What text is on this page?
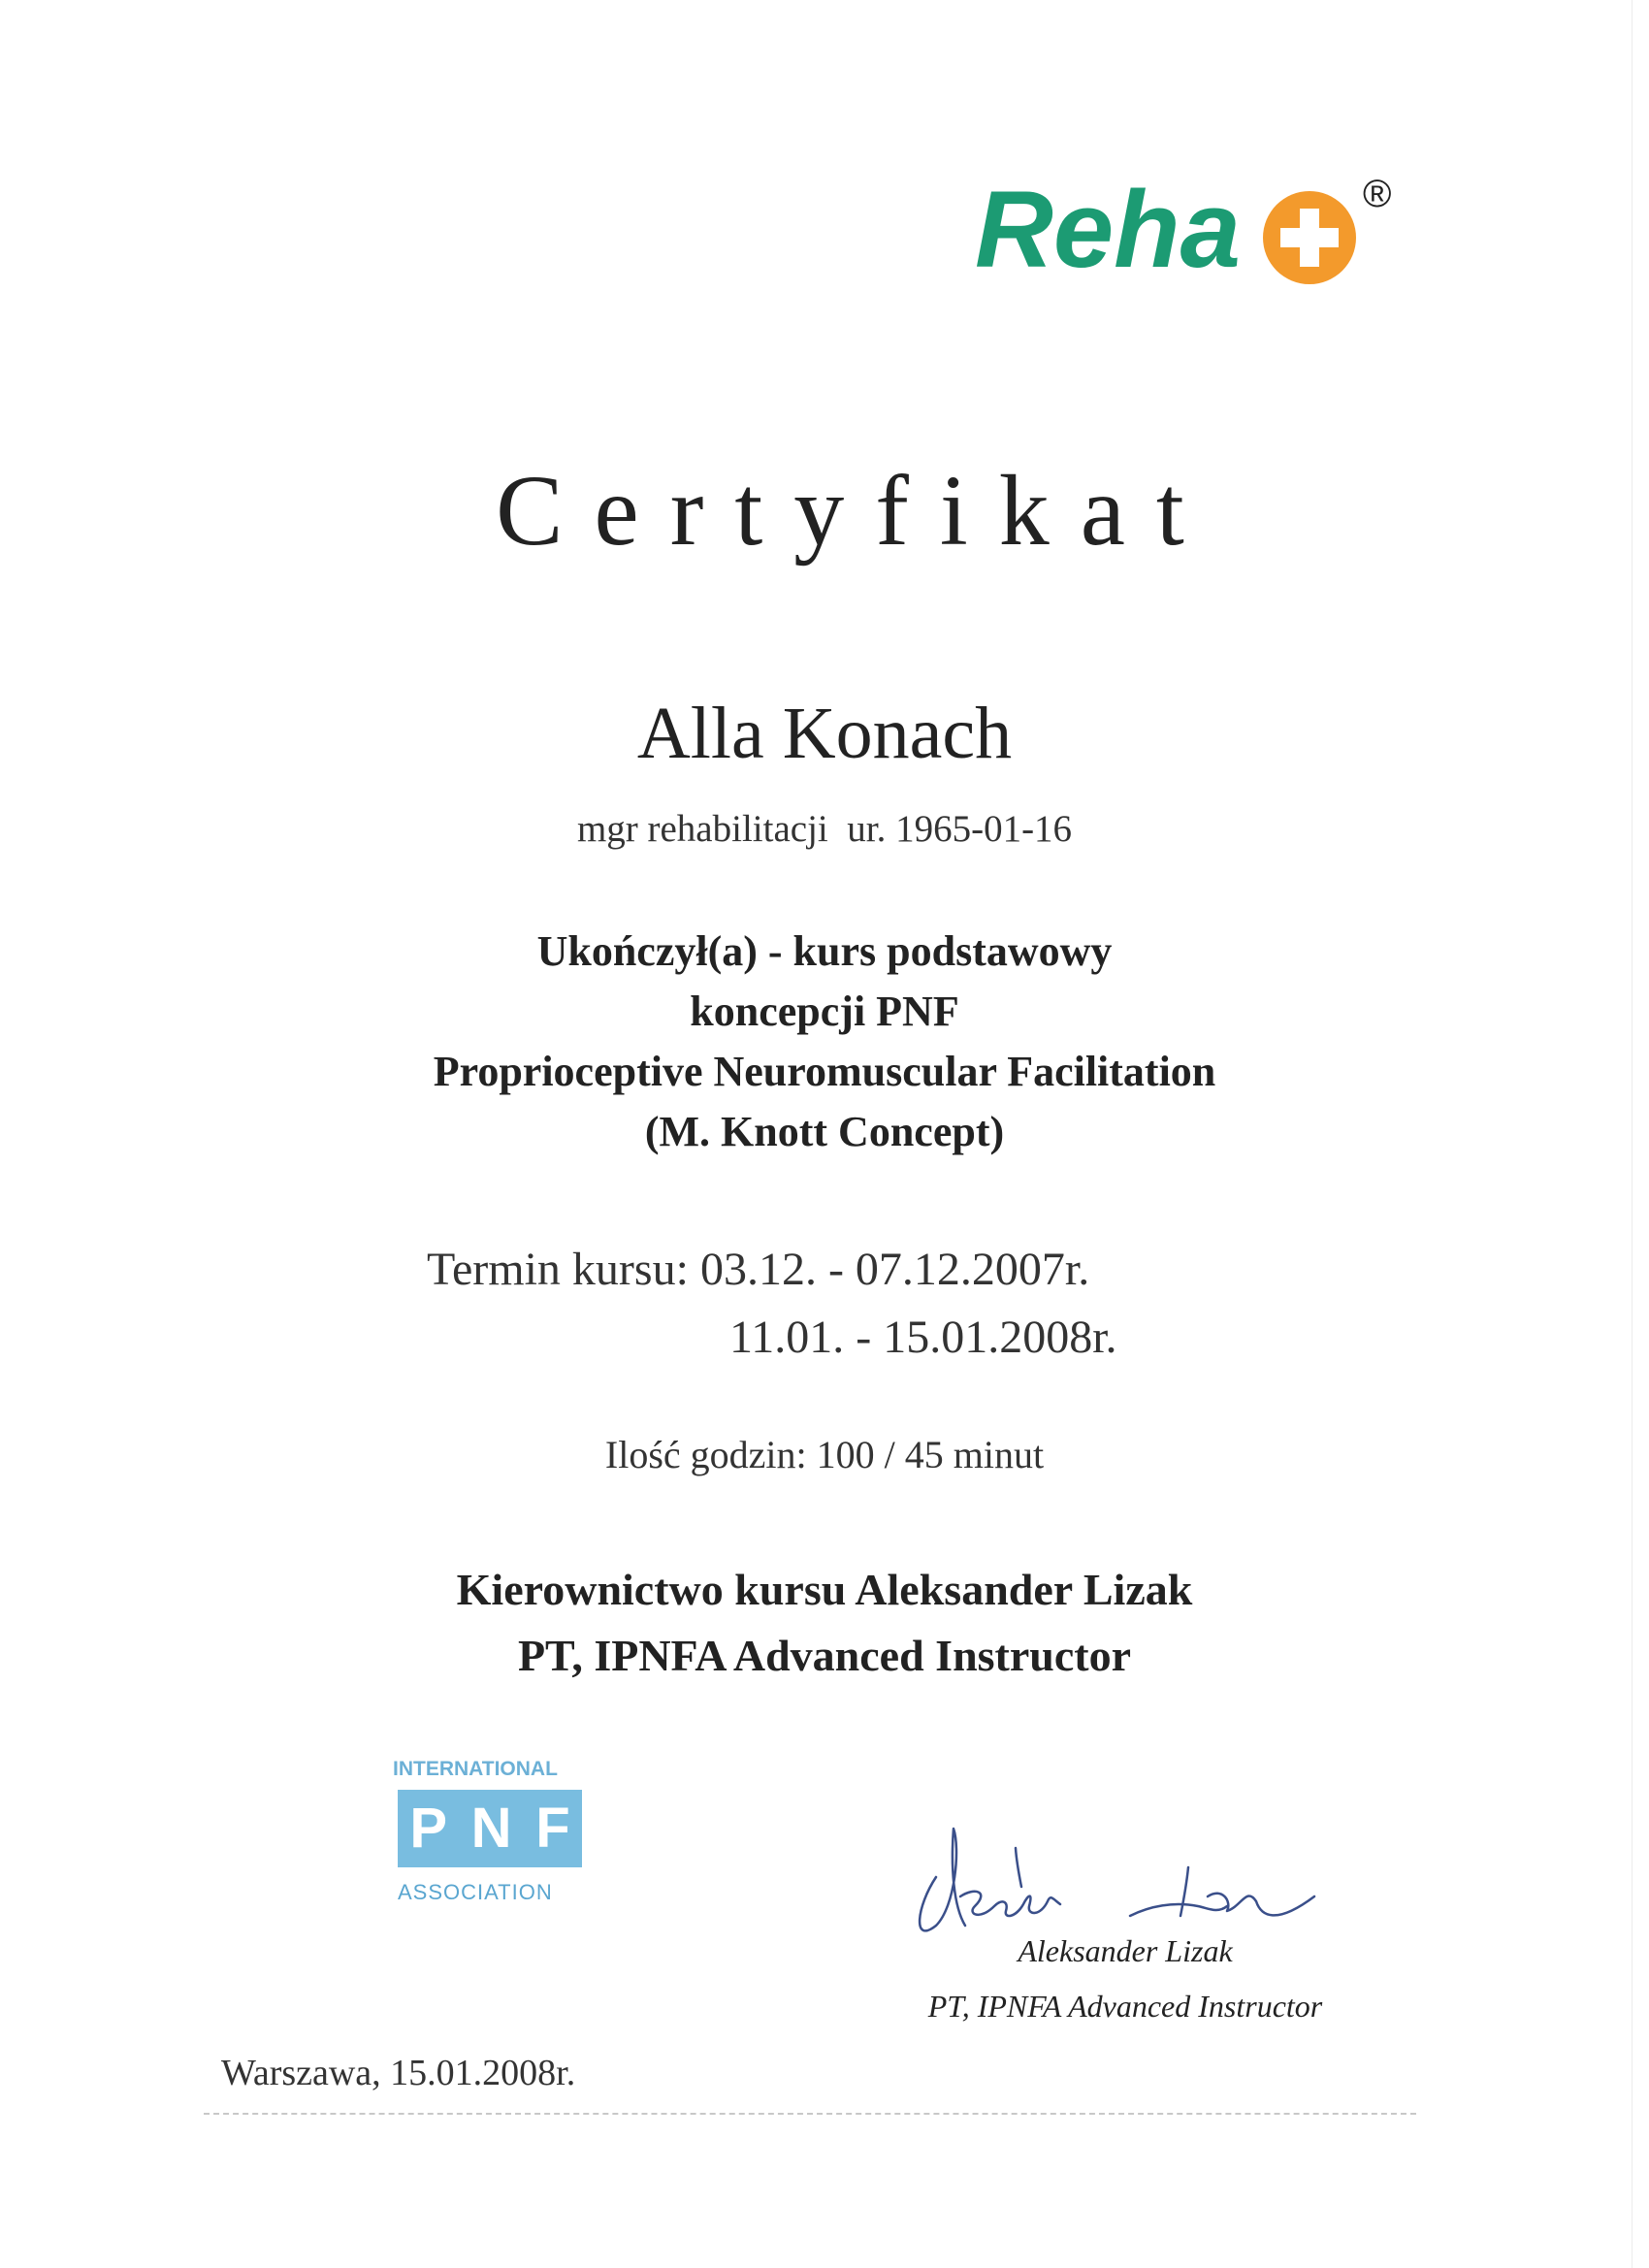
Reha	®
Certyfikat
Alla Konach
mgr rehabilitacji  ur. 1965-01-16
Ukończył(a) - kurs podstawowy
koncepcji PNF
Proprioceptive Neuromuscular Facilitation
(M. Knott Concept)
Termin kursu: 03.12. - 07.12.2007r.
11.01. - 15.01.2008r.
Ilość godzin: 100 / 45 minut
Kierownictwo kursu Aleksander Lizak
PT, IPNFA Advanced Instructor
INTERNATIONAL
P N F
ASSOCIATION
Aleksander Lizak
PT, IPNFA Advanced Instructor
Warszawa, 15.01.2008r.
